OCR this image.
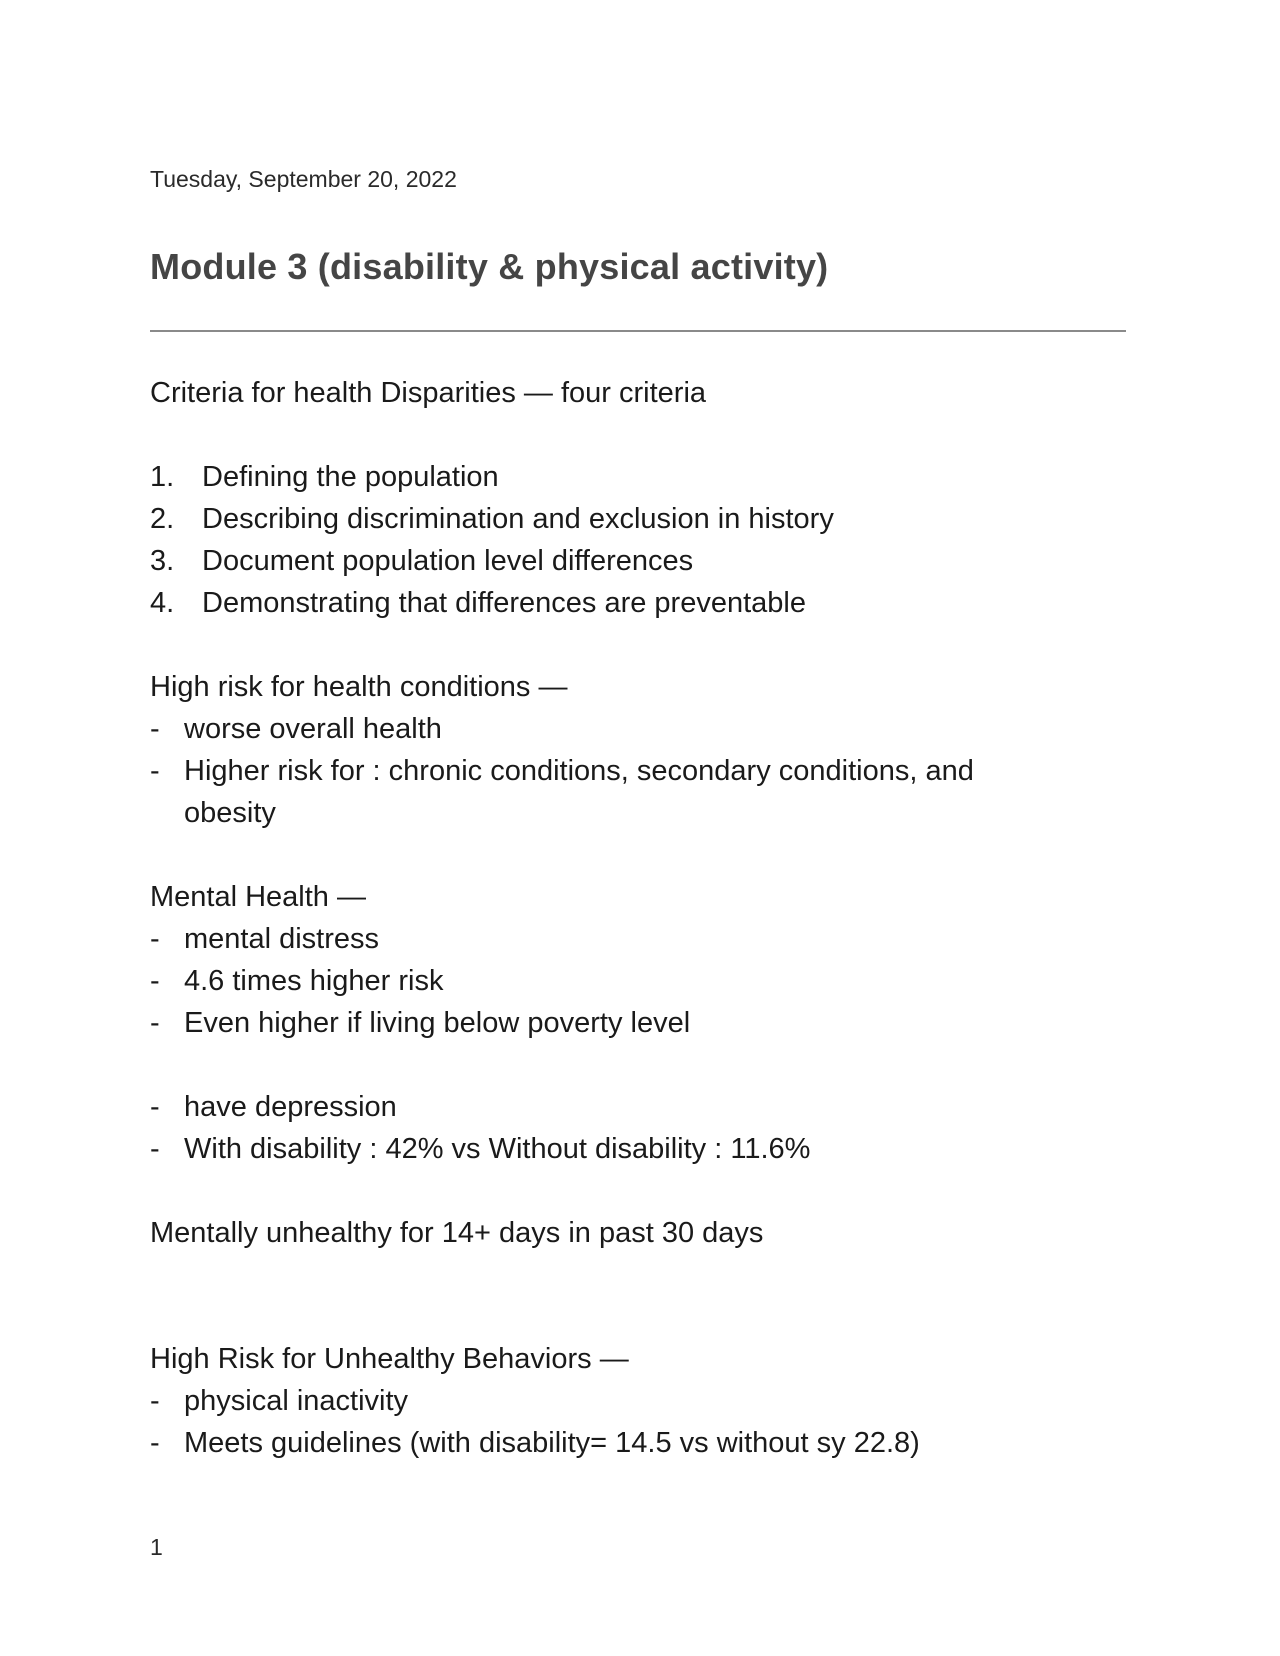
Tuesday, September 20, 2022
Module 3 (disability & physical activity)
Criteria for health Disparities — four criteria
1. Defining the population
2. Describing discrimination and exclusion in history
3. Document population level differences
4. Demonstrating that differences are preventable
High risk for health conditions —
- worse overall health
- Higher risk for : chronic conditions, secondary conditions, and obesity
Mental Health —
- mental distress
- 4.6 times higher risk
- Even higher if living below poverty level
- have depression
- With disability : 42% vs Without disability : 11.6%
Mentally unhealthy for 14+ days in past 30 days
High Risk for Unhealthy Behaviors —
- physical inactivity
- Meets guidelines (with disability= 14.5 vs without sy 22.8)
1
